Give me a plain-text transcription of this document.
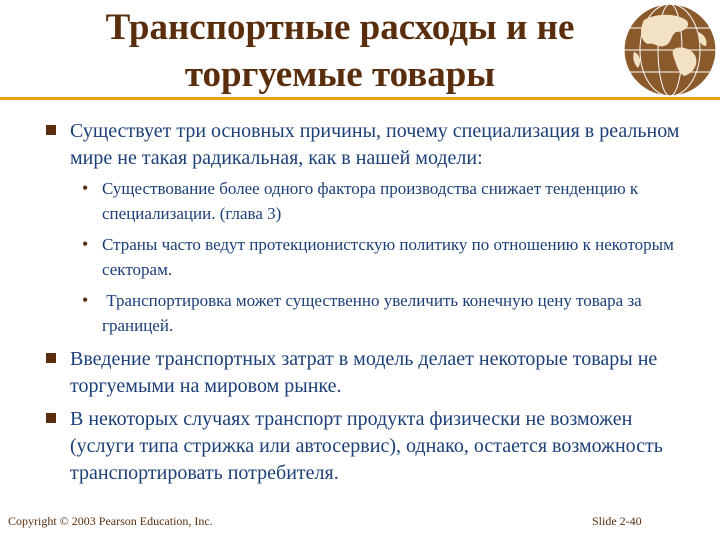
Транспортные расходы и не
торгуемые товары
Существует три основных причины, почему специализация в реальном мире не такая радикальная, как в нашей модели:
• Существование более одного фактора производства снижает тенденцию к специализации. (глава 3)
• Страны часто ведут протекционистскую политику по отношению к некоторым секторам.
• Транспортировка может существенно увеличить конечную цену товара за границей.
Введение транспортных затрат в модель делает некоторые товары не торгуемыми на мировом рынке.
В некоторых случаях транспорт продукта физически не возможен (услуги типа стрижка или автосервис), однако, остается возможность транспортировать потребителя.
Copyright © 2003 Pearson Education, Inc.	Slide 2-40
